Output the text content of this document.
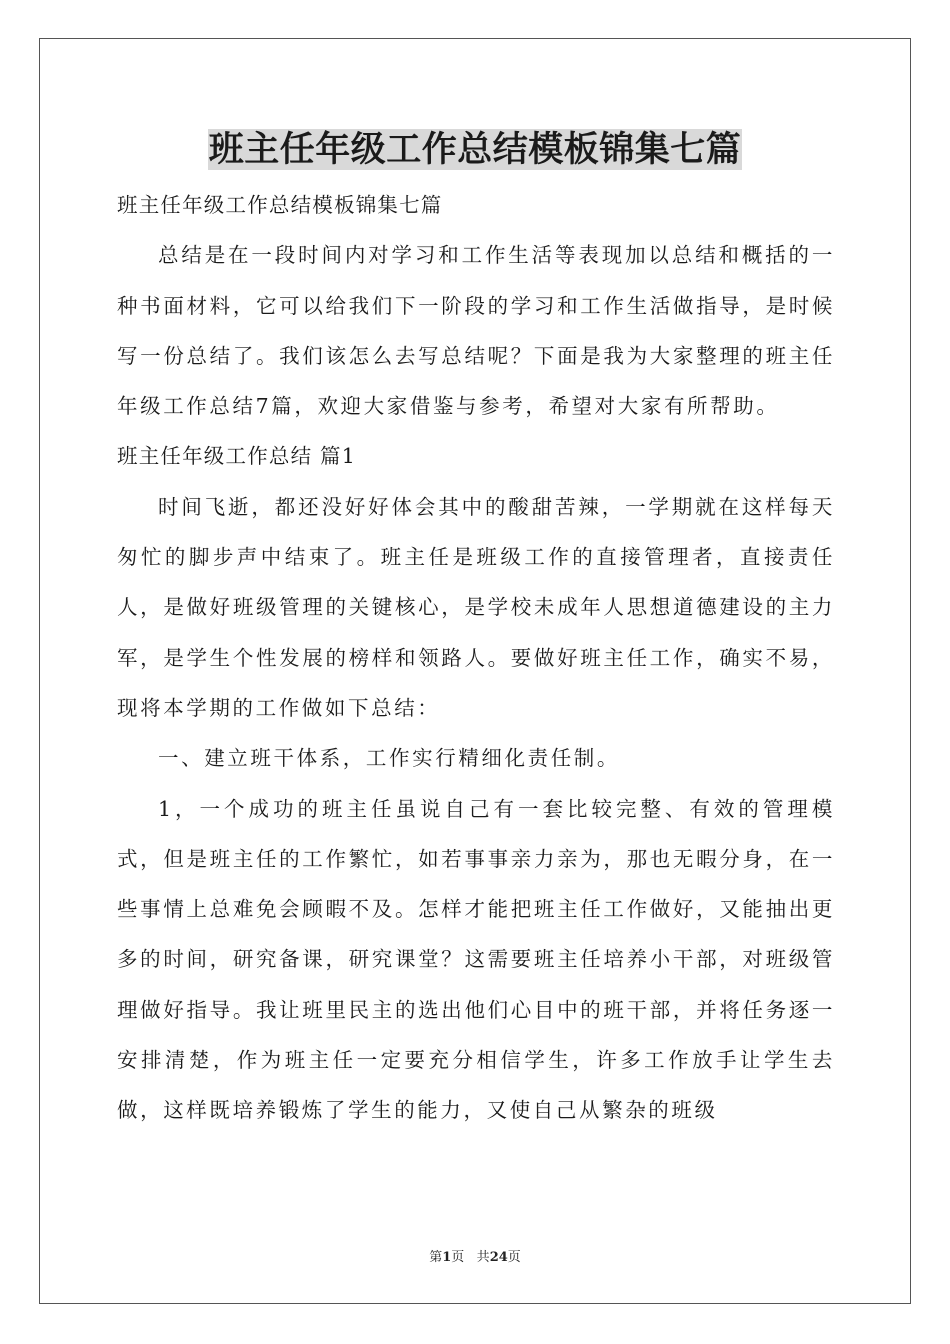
班主任年级工作总结模板锦集七篇

班主任年级工作总结模板锦集七篇

总结是在一段时间内对学习和工作生活等表现加以总结和概括的一种书面材料，它可以给我们下一阶段的学习和工作生活做指导，是时候写一份总结了。我们该怎么去写总结呢？下面是我为大家整理的班主任年级工作总结7篇，欢迎大家借鉴与参考，希望对大家有所帮助。

班主任年级工作总结 篇1

时间飞逝，都还没好好体会其中的酸甜苦辣，一学期就在这样每天匆忙的脚步声中结束了。班主任是班级工作的直接管理者，直接责任人，是做好班级管理的关键核心，是学校未成年人思想道德建设的主力军，是学生个性发展的榜样和领路人。要做好班主任工作，确实不易，现将本学期的工作做如下总结：

一、建立班干体系，工作实行精细化责任制。

1，一个成功的班主任虽说自己有一套比较完整、有效的管理模式，但是班主任的工作繁忙，如若事事亲力亲为，那也无暇分身，在一些事情上总难免会顾暇不及。怎样才能把班主任工作做好，又能抽出更多的时间，研究备课，研究课堂？这需要班主任培养小干部，对班级管理做好指导。我让班里民主的选出他们心目中的班干部，并将任务逐一安排清楚，作为班主任一定要充分相信学生，许多工作放手让学生去做，这样既培养锻炼了学生的能力，又使自己从繁杂的班级

第1页 共24页
